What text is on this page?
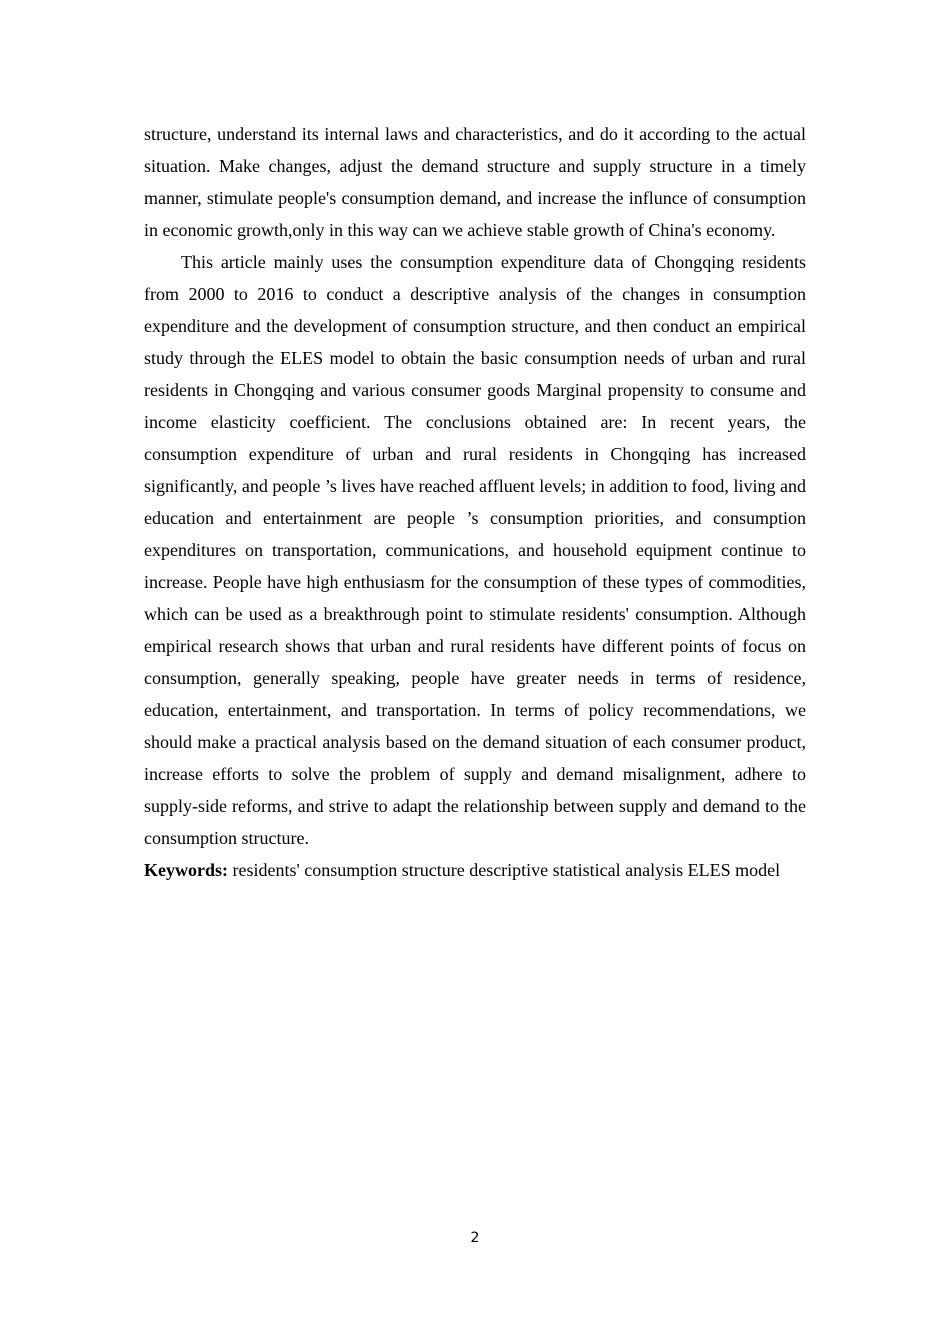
structure, understand its internal laws and characteristics, and do it according to the actual situation. Make changes, adjust the demand structure and supply structure in a timely manner, stimulate people's consumption demand, and increase the influnce of consumption in economic growth,only in this way can we achieve stable growth of China's economy.

This article mainly uses the consumption expenditure data of Chongqing residents from 2000 to 2016 to conduct a descriptive analysis of the changes in consumption expenditure and the development of consumption structure, and then conduct an empirical study through the ELES model to obtain the basic consumption needs of urban and rural residents in Chongqing and various consumer goods Marginal propensity to consume and income elasticity coefficient. The conclusions obtained are: In recent years, the consumption expenditure of urban and rural residents in Chongqing has increased significantly, and people ’s lives have reached affluent levels; in addition to food, living and education and entertainment are people ’s consumption priorities, and consumption expenditures on transportation, communications, and household equipment continue to increase. People have high enthusiasm for the consumption of these types of commodities, which can be used as a breakthrough point to stimulate residents' consumption. Although empirical research shows that urban and rural residents have different points of focus on consumption, generally speaking, people have greater needs in terms of residence, education, entertainment, and transportation. In terms of policy recommendations, we should make a practical analysis based on the demand situation of each consumer product, increase efforts to solve the problem of supply and demand misalignment, adhere to supply-side reforms, and strive to adapt the relationship between supply and demand to the consumption structure.

Keywords: residents' consumption structure descriptive statistical analysis ELES model

2
